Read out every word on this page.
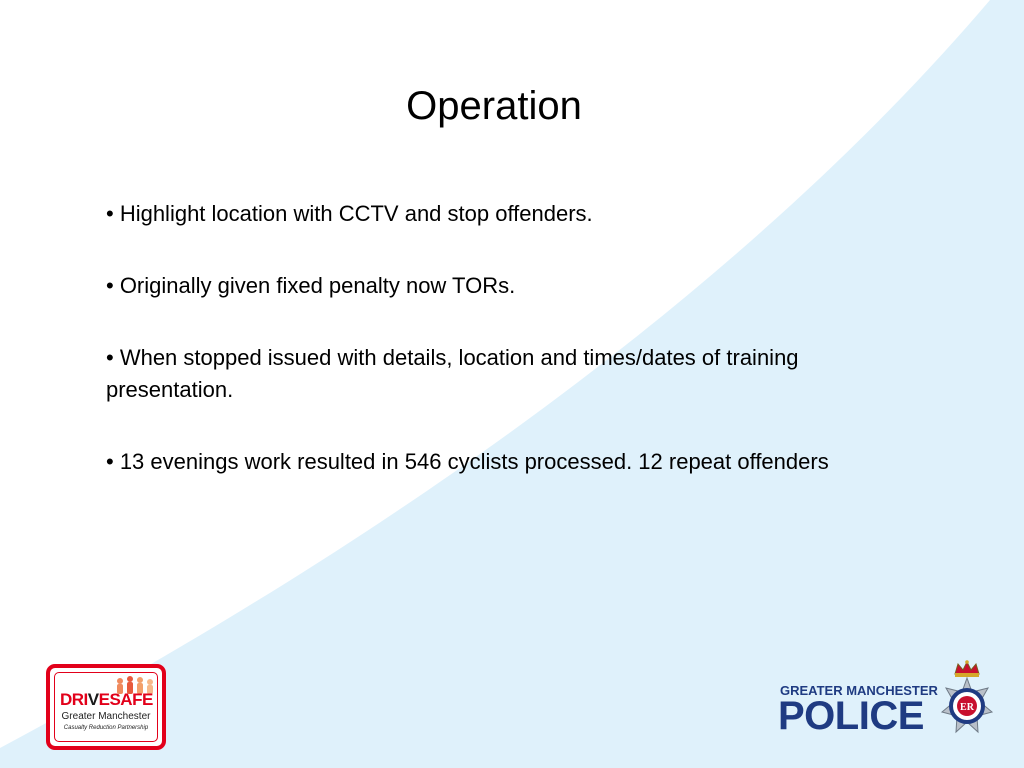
Operation
• Highlight location with CCTV and stop offenders.
• Originally given fixed penalty now TORs.
• When stopped issued with details, location and times/dates of training presentation.
• 13 evenings work resulted in 546 cyclists processed. 12 repeat offenders
DRIVESAFE
Greater Manchester
Casualty Reduction Partnership
GREATER MANCHESTER
POLICE	ER
